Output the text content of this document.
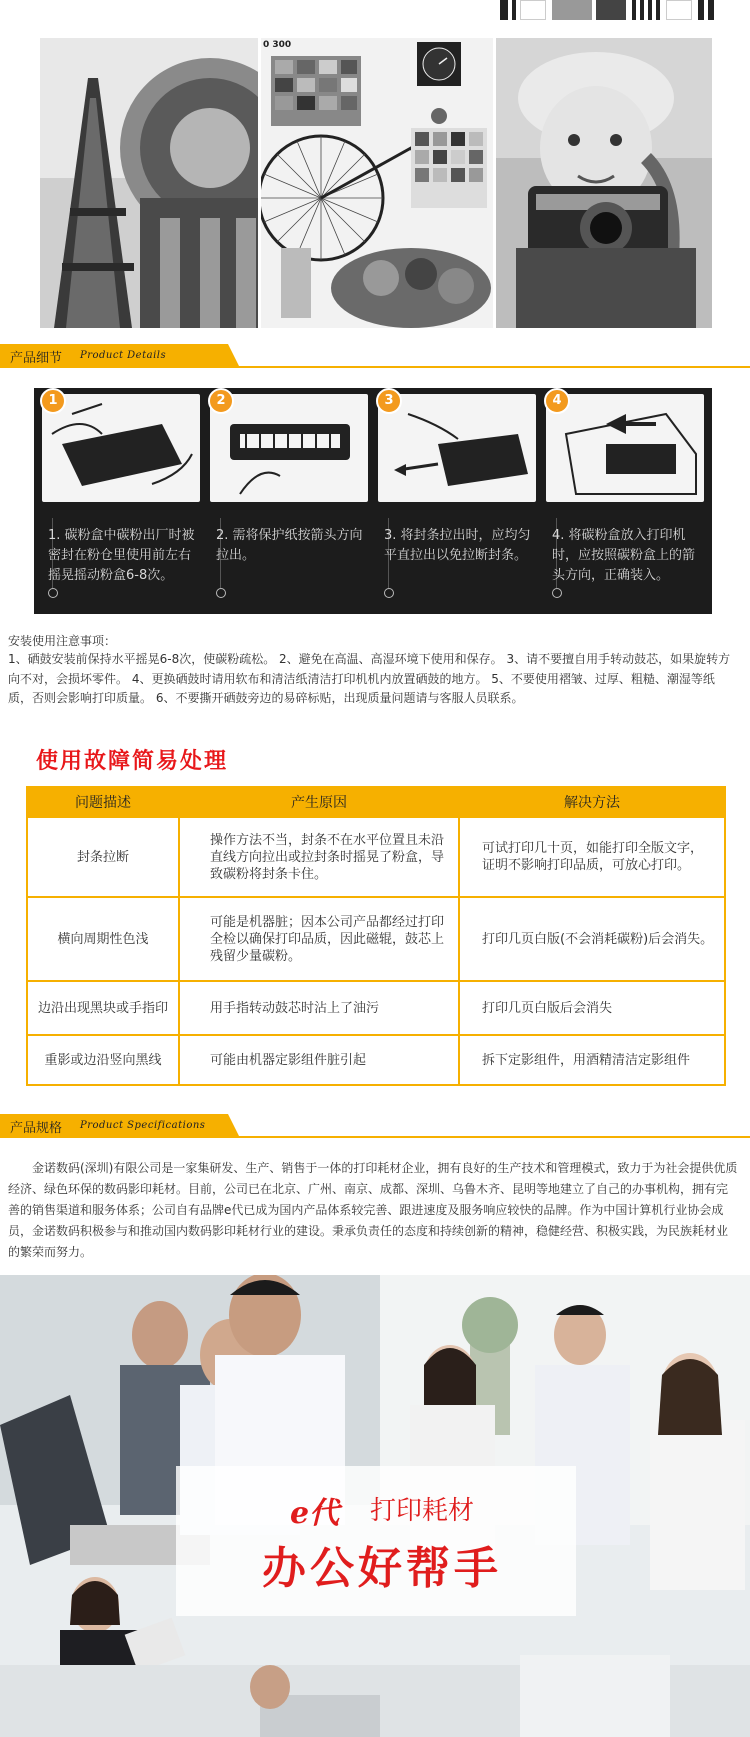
0 300
产品细节 Product Details
1
1. 碳粉盒中碳粉出厂时被密封在粉仓里使用前左右摇晃摇动粉盒6-8次。
2
2. 需将保护纸按箭头方向拉出。
3
3. 将封条拉出时，应均匀平直拉出以免拉断封条。
4
4. 将碳粉盒放入打印机时，应按照碳粉盒上的箭头方向，正确装入。
安装使用注意事项：
1、硒鼓安装前保持水平摇晃6-8次，使碳粉疏松。 2、避免在高温、高湿环境下使用和保存。 3、请不要擅自用手转动鼓芯，如果旋转方向不对，会损坏零件。 4、更换硒鼓时请用软布和清洁纸清洁打印机机内放置硒鼓的地方。 5、不要使用褶皱、过厚、粗糙、潮湿等纸质，否则会影响打印质量。 6、不要撕开硒鼓旁边的易碎标贴，出现质量问题请与客服人员联系。
使用故障简易处理
问题描述	产生原因	解决方法
封条拉断	操作方法不当，封条不在水平位置且未沿直线方向拉出或拉封条时摇晃了粉盒，导致碳粉将封条卡住。	可试打印几十页，如能打印全版文字，证明不影响打印品质，可放心打印。
横向周期性色浅	可能是机器脏；因本公司产品都经过打印全检以确保打印品质，因此磁辊，鼓芯上残留少量碳粉。	打印几页白版(不会消耗碳粉)后会消失。
边沿出现黑块或手指印	用手指转动鼓芯时沾上了油污	打印几页白版后会消失
重影或边沿竖向黑线	可能由机器定影组件脏引起	拆下定影组件，用酒精清洁定影组件
产品规格 Product Specifications
金诺数码(深圳)有限公司是一家集研发、生产、销售于一体的打印耗材企业，拥有良好的生产技术和管理模式，致力于为社会提供优质经济、绿色环保的数码影印耗材。目前，公司已在北京、广州、南京、成都、深圳、乌鲁木齐、昆明等地建立了自己的办事机构，拥有完善的销售渠道和服务体系；公司自有品牌e代已成为国内产品体系较完善、跟进速度及服务响应较快的品牌。作为中国计算机行业协会成员，金诺数码积极参与和推动国内数码影印耗材行业的建设。秉承负责任的态度和持续创新的精神，稳健经营、积极实践，为民族耗材业的繁荣而努力。
e代 打印耗材
办公好帮手
